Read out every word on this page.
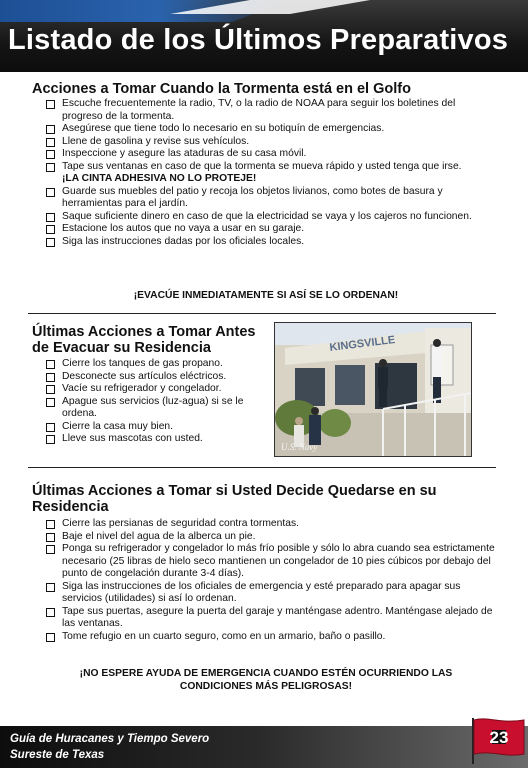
Listado de los Últimos Preparativos
Acciones a Tomar Cuando la Tormenta está en el Golfo
Escuche frecuentemente la radio, TV, o la radio de NOAA para seguir los boletines del progreso de la tormenta.
Asegúrese que tiene todo lo necesario en su botiquín de emergencias.
Llene de gasolina y revise sus vehículos.
Inspeccione y asegure las ataduras de su casa móvil.
Tape sus ventanas en caso de que la tormenta se mueva rápido y usted tenga que irse. ¡LA CINTA ADHESIVA NO LO PROTEJE!
Guarde sus muebles del patio y recoja los objetos livianos, como botes de basura y herramientas para el jardín.
Saque suficiente dinero en caso de que la electricidad se vaya y los cajeros no funcionen.
Estacione los autos que no vaya a usar en su garaje.
Siga las instrucciones dadas por los oficiales locales.
¡EVACÚE INMEDIATAMENTE SI ASÍ SE LO ORDENAN!
Últimas Acciones a Tomar Antes
de Evacuar su Residencia
Cierre los tanques de gas propano.
Desconecte sus artículos eléctricos.
Vacíe su refrigerador y congelador.
Apague sus servicios (luz-agua) si se le ordena.
Cierre la casa muy bien.
Lleve sus mascotas con usted.
KINGSVILLE
U.S. Navy
Últimas Acciones a Tomar si Usted Decide Quedarse en su
Residencia
Cierre las persianas de seguridad contra tormentas.
Baje el nivel del agua de la alberca un pie.
Ponga su refrigerador y congelador lo más frío posible y sólo lo abra cuando sea estrictamente necesario (25 libras de hielo seco mantienen un congelador de 10 pies cúbicos por debajo del punto de congelación durante 3-4 días).
Siga las instrucciones de los oficiales de emergencia y esté preparado para apagar sus servicios (utilidades) si así lo ordenan.
Tape sus puertas, asegure la puerta del garaje y manténgase adentro. Manténgase alejado de las ventanas.
Tome refugio en un cuarto seguro, como en un armario, baño o pasillo.
¡NO ESPERE AYUDA DE EMERGENCIA CUANDO ESTÉN OCURRIENDO LAS
CONDICIONES MÁS PELIGROSAS!
Guía de Huracanes y Tiempo Severo
Sureste de Texas
23
